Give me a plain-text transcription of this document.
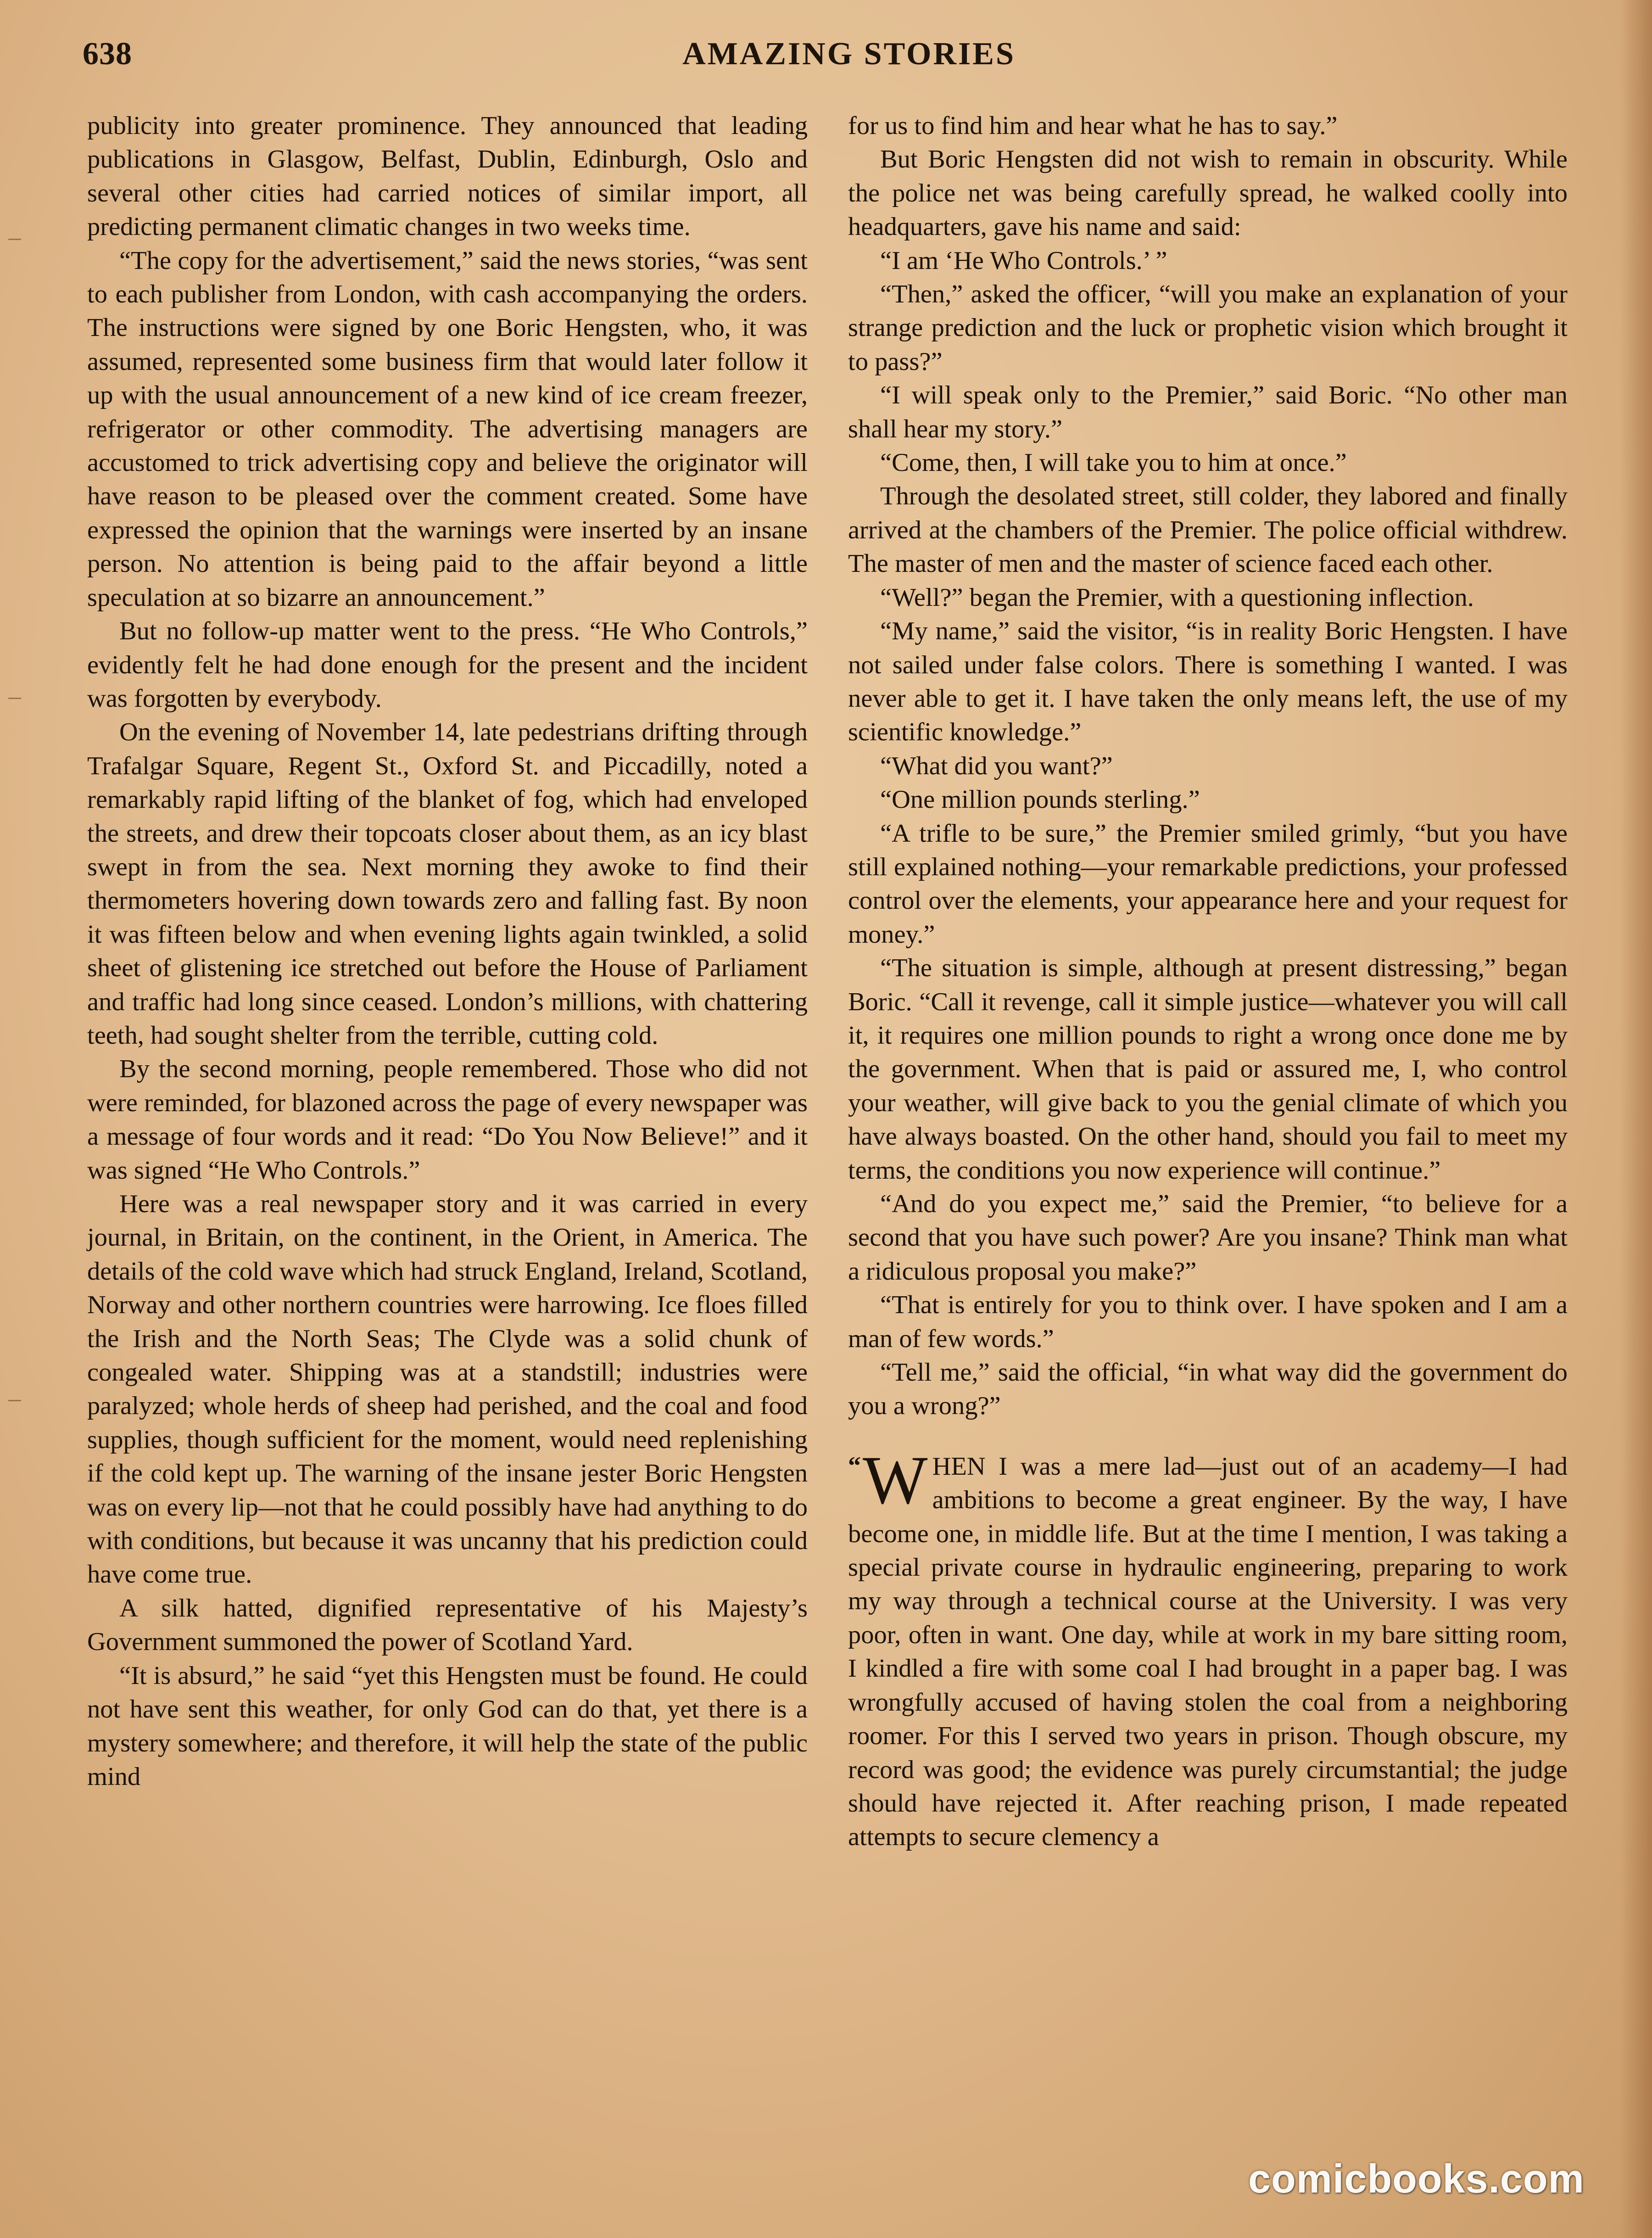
638	AMAZING STORIES

publicity into greater prominence. They announced that leading publications in Glasgow, Belfast, Dublin, Edinburgh, Oslo and several other cities had carried notices of similar import, all predicting permanent climatic changes in two weeks time.

“The copy for the advertisement,” said the news stories, “was sent to each publisher from London, with cash accompanying the orders. The instructions were signed by one Boric Hengsten, who, it was assumed, represented some business firm that would later follow it up with the usual announcement of a new kind of ice cream freezer, refrigerator or other commodity. The advertising managers are accustomed to trick advertising copy and believe the originator will have reason to be pleased over the comment created. Some have expressed the opinion that the warnings were inserted by an insane person. No attention is being paid to the affair beyond a little speculation at so bizarre an announcement.”

But no follow-up matter went to the press. “He Who Controls,” evidently felt he had done enough for the present and the incident was forgotten by everybody.

On the evening of November 14, late pedestrians drifting through Trafalgar Square, Regent St., Oxford St. and Piccadilly, noted a remarkably rapid lifting of the blanket of fog, which had enveloped the streets, and drew their topcoats closer about them, as an icy blast swept in from the sea. Next morning they awoke to find their thermometers hovering down towards zero and falling fast. By noon it was fifteen below and when evening lights again twinkled, a solid sheet of glistening ice stretched out before the House of Parliament and traffic had long since ceased. London’s millions, with chattering teeth, had sought shelter from the terrible, cutting cold.

By the second morning, people remembered. Those who did not were reminded, for blazoned across the page of every newspaper was a message of four words and it read: “Do You Now Believe!” and it was signed “He Who Controls.”

Here was a real newspaper story and it was carried in every journal, in Britain, on the continent, in the Orient, in America. The details of the cold wave which had struck England, Ireland, Scotland, Norway and other northern countries were harrowing. Ice floes filled the Irish and the North Seas; The Clyde was a solid chunk of congealed water. Shipping was at a standstill; industries were paralyzed; whole herds of sheep had perished, and the coal and food supplies, though sufficient for the moment, would need replenishing if the cold kept up. The warning of the insane jester Boric Hengsten was on every lip—not that he could possibly have had anything to do with conditions, but because it was uncanny that his prediction could have come true.

A silk hatted, dignified representative of his Majesty’s Government summoned the power of Scotland Yard.

“It is absurd,” he said “yet this Hengsten must be found. He could not have sent this weather, for only God can do that, yet there is a mystery somewhere; and therefore, it will help the state of the public mind

for us to find him and hear what he has to say.”

But Boric Hengsten did not wish to remain in obscurity. While the police net was being carefully spread, he walked coolly into headquarters, gave his name and said:

“I am ‘He Who Controls.’ ”

“Then,” asked the officer, “will you make an explanation of your strange prediction and the luck or prophetic vision which brought it to pass?”

“I will speak only to the Premier,” said Boric. “No other man shall hear my story.”

“Come, then, I will take you to him at once.”

Through the desolated street, still colder, they labored and finally arrived at the chambers of the Premier. The police official withdrew. The master of men and the master of science faced each other.

“Well?” began the Premier, with a questioning inflection.

“My name,” said the visitor, “is in reality Boric Hengsten. I have not sailed under false colors. There is something I wanted. I was never able to get it. I have taken the only means left, the use of my scientific knowledge.”

“What did you want?”

“One million pounds sterling.”

“A trifle to be sure,” the Premier smiled grimly, “but you have still explained nothing—your remarkable predictions, your professed control over the elements, your appearance here and your request for money.”

“The situation is simple, although at present distressing,” began Boric. “Call it revenge, call it simple justice—whatever you will call it, it requires one million pounds to right a wrong once done me by the government. When that is paid or assured me, I, who control your weather, will give back to you the genial climate of which you have always boasted. On the other hand, should you fail to meet my terms, the conditions you now experience will continue.”

“And do you expect me,” said the Premier, “to believe for a second that you have such power? Are you insane? Think man what a ridiculous proposal you make?”

“That is entirely for you to think over. I have spoken and I am a man of few words.”

“Tell me,” said the official, “in what way did the government do you a wrong?”

“ W HEN I was a mere lad—just out of an academy—I had ambitions to become a great engineer. By the way, I have become one, in middle life. But at the time I mention, I was taking a special private course in hydraulic engineering, preparing to work my way through a technical course at the University. I was very poor, often in want. One day, while at work in my bare sitting room, I kindled a fire with some coal I had brought in a paper bag. I was wrongfully accused of having stolen the coal from a neighboring roomer. For this I served two years in prison. Though obscure, my record was good; the evidence was purely circumstantial; the judge should have rejected it. After reaching prison, I made repeated attempts to secure clemency a

comicbooks.com
